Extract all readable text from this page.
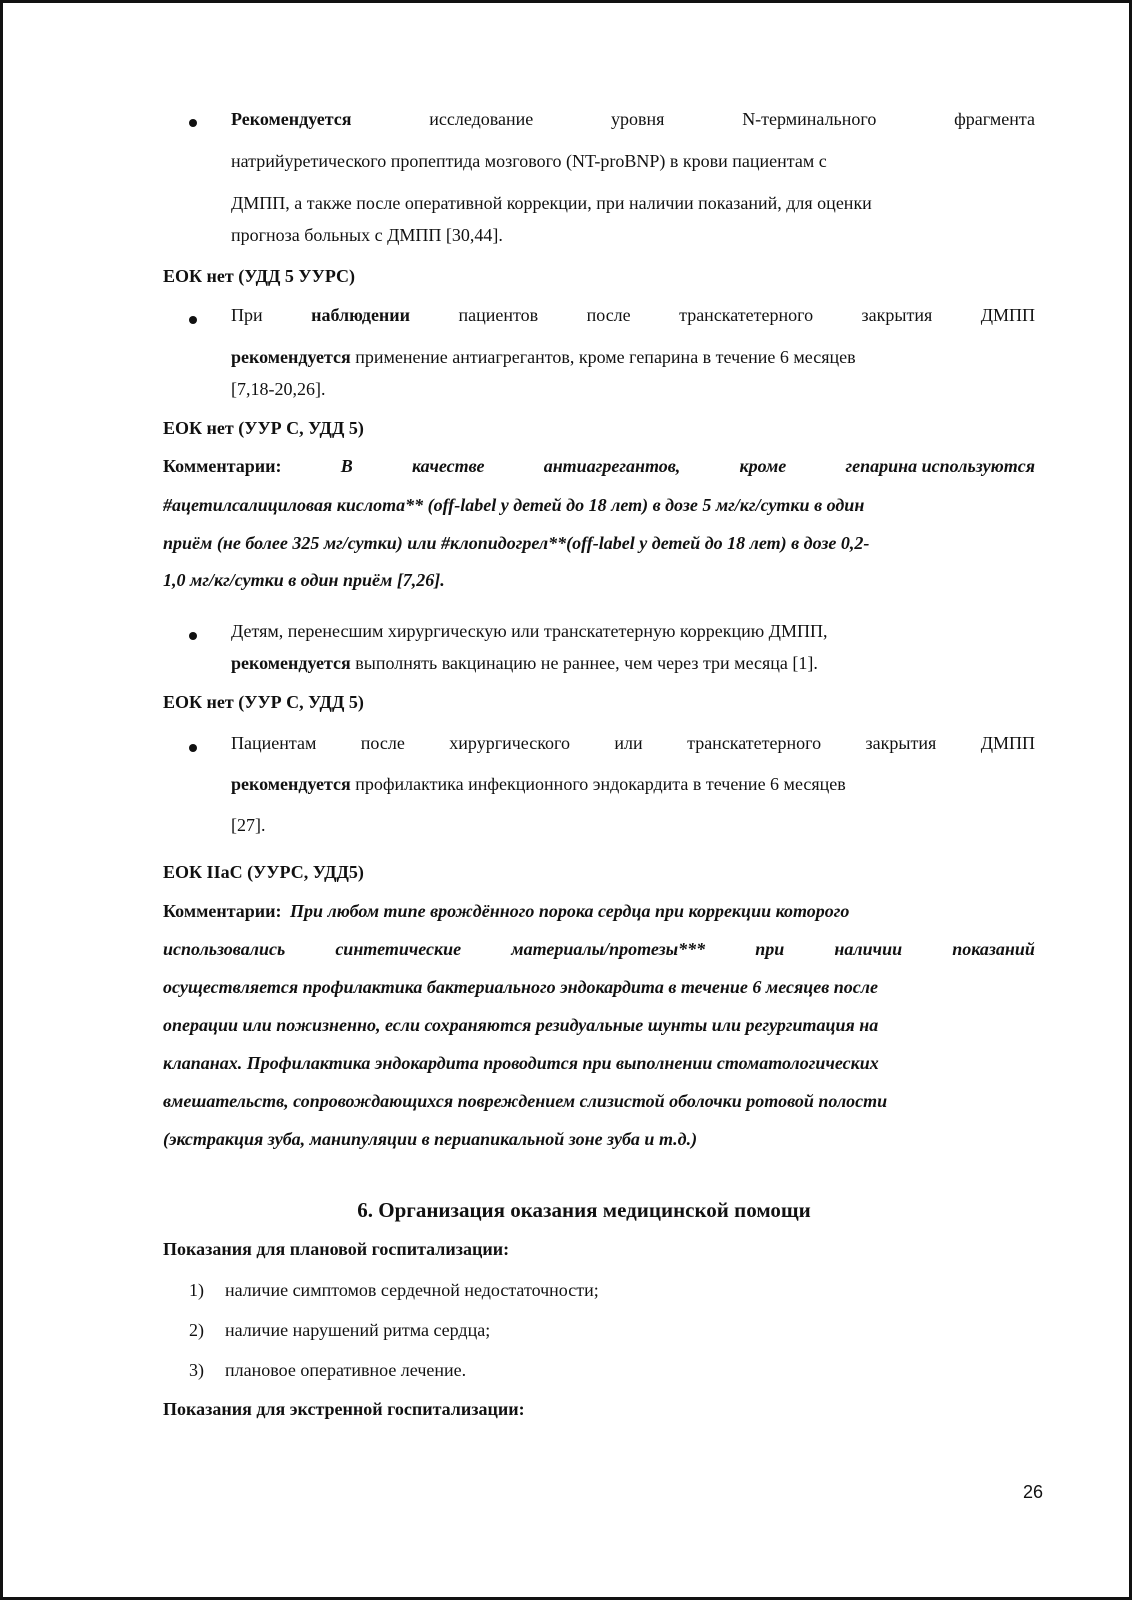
Рекомендуется	исследование	уровня	N-терминального	фрагмента
натрийуретического пропептида мозгового (NT-proBNP) в крови пациентам с
ДМПП, а также после оперативной коррекции, при наличии показаний, для оценки
прогноза больных с ДМПП [30,44].
ЕОК нет (УДД 5 УУРС)
При	наблюдении	пациентов	после	транскатетерного	закрытия	ДМПП
рекомендуется применение антиагрегантов, кроме гепарина в течение 6 месяцев
[7,18-20,26].
ЕОК нет (УУР С, УДД 5)
Комментарии:	В	качестве	антиагрегантов,	кроме	гепарина используются
#ацетилсалициловая кислота** (off-label у детей до 18 лет) в дозе 5 мг/кг/сутки в один
приём (не более 325 мг/сутки) или #клопидогрел**(off-label у детей до 18 лет) в дозе 0,2-
1,0 мг/кг/сутки в один приём [7,26].
Детям, перенесшим хирургическую или транскатетерную коррекцию ДМПП,
рекомендуется выполнять вакцинацию не раннее, чем через три месяца [1].
ЕОК нет (УУР С, УДД 5)
Пациентам после хирургического или транскатетерного закрытия ДМПП
рекомендуется профилактика инфекционного эндокардита в течение 6 месяцев
[27].
ЕОК IIaC (УУРС, УДД5)
Комментарии: При любом типе врождённого порока сердца при коррекции которого
использовались	синтетические	материалы/протезы***	при	наличии	показаний
осуществляется профилактика бактериального эндокардита в течение 6 месяцев после
операции или пожизненно, если сохраняются резидуальные шунты или регургитация на
клапанах. Профилактика эндокардита проводится при выполнении стоматологических
вмешательств, сопровождающихся повреждением слизистой оболочки ротовой полости
(экстракция зуба, манипуляции в периапикальной зоне зуба и т.д.)
6. Организация оказания медицинской помощи
Показания для плановой госпитализации:
1) наличие симптомов сердечной недостаточности;
2) наличие нарушений ритма сердца;
3) плановое оперативное лечение.
Показания для экстренной госпитализации:
26
